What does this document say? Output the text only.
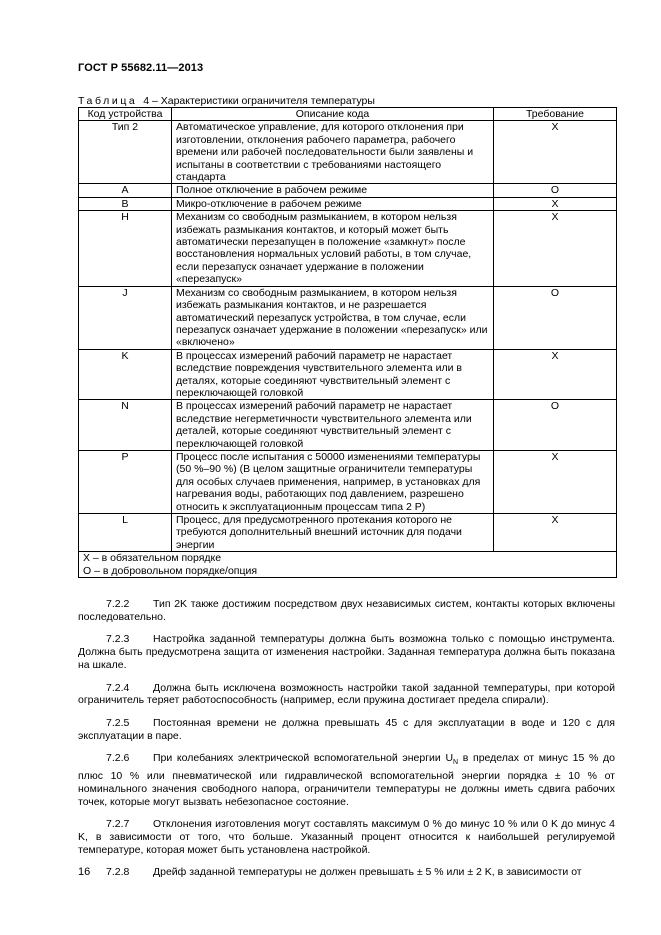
ГОСТ Р 55682.11—2013
Таблица 4 – Характеристики ограничителя температуры
Код устройства	Описание кода	Требование
Тип 2	Автоматическое управление, для которого отклонения при изготовлении, отклонения рабочего параметра, рабочего времени или рабочей последовательности были заявлены и испытаны в соответствии с требованиями настоящего стандарта	X
A	Полное отключение в рабочем режиме	O
B	Микро-отключение в рабочем режиме	X
H	Механизм со свободным размыканием, в котором нельзя избежать размыкания контактов, и который может быть автоматически перезапущен в положение «замкнут» после восстановления нормальных условий работы, в том случае, если перезапуск означает удержание в положении «перезапуск»	X
J	Механизм со свободным размыканием, в котором нельзя избежать размыкания контактов, и не разрешается автоматический перезапуск устройства, в том случае, если перезапуск означает удержание в положении «перезапуск» или «включено»	O
K	В процессах измерений рабочий параметр не нарастает вследствие повреждения чувствительного элемента или в деталях, которые соединяют чувствительный элемент с переключающей головкой	X
N	В процессах измерений рабочий параметр не нарастает вследствие негерметичности чувствительного элемента или деталей, которые соединяют чувствительный элемент с переключающей головкой	O
P	Процесс после испытания с 50000 изменениями температуры (50 %–90 %) (В целом защитные ограничители температуры для особых случаев применения, например, в установках для нагревания воды, работающих под давлением, разрешено относить к эксплуатационным процессам типа 2 P)	X
L	Процесс, для предусмотренного протекания которого не требуются дополнительный внешний источник для подачи энергии	X

X – в обязательном порядке
O – в добровольном порядке/опция		

7.2.2 Тип 2K также достижим посредством двух независимых систем, контакты которых включены последовательно.

7.2.3 Настройка заданной температуры должна быть возможна только с помощью инструмента. Должна быть предусмотрена защита от изменения настройки. Заданная температура должна быть показана на шкале.

7.2.4 Должна быть исключена возможность настройки такой заданной температуры, при которой ограничитель теряет работоспособность (например, если пружина достигает предела спирали).

7.2.5 Постоянная времени не должна превышать 45 с для эксплуатации в воде и 120 с для эксплуатации в паре.

7.2.6 При колебаниях электрической вспомогательной энергии $U_N$ в пределах от минус 15 % до плюс 10 % или пневматической или гидравлической вспомогательной энергии порядка ± 10 % от номинального значения свободного напора, ограничители температуры не должны иметь сдвига рабочих точек, которые могут вызвать небезопасное состояние.

7.2.7 Отклонения изготовления могут составлять максимум 0 % до минус 10 % или 0 K до минус 4 K, в зависимости от того, что больше. Указанный процент относится к наибольшей регулируемой температуре, которая может быть установлена настройкой.

7.2.8 Дрейф заданной температуры не должен превышать ± 5 % или ± 2 K, в зависимости от

16
